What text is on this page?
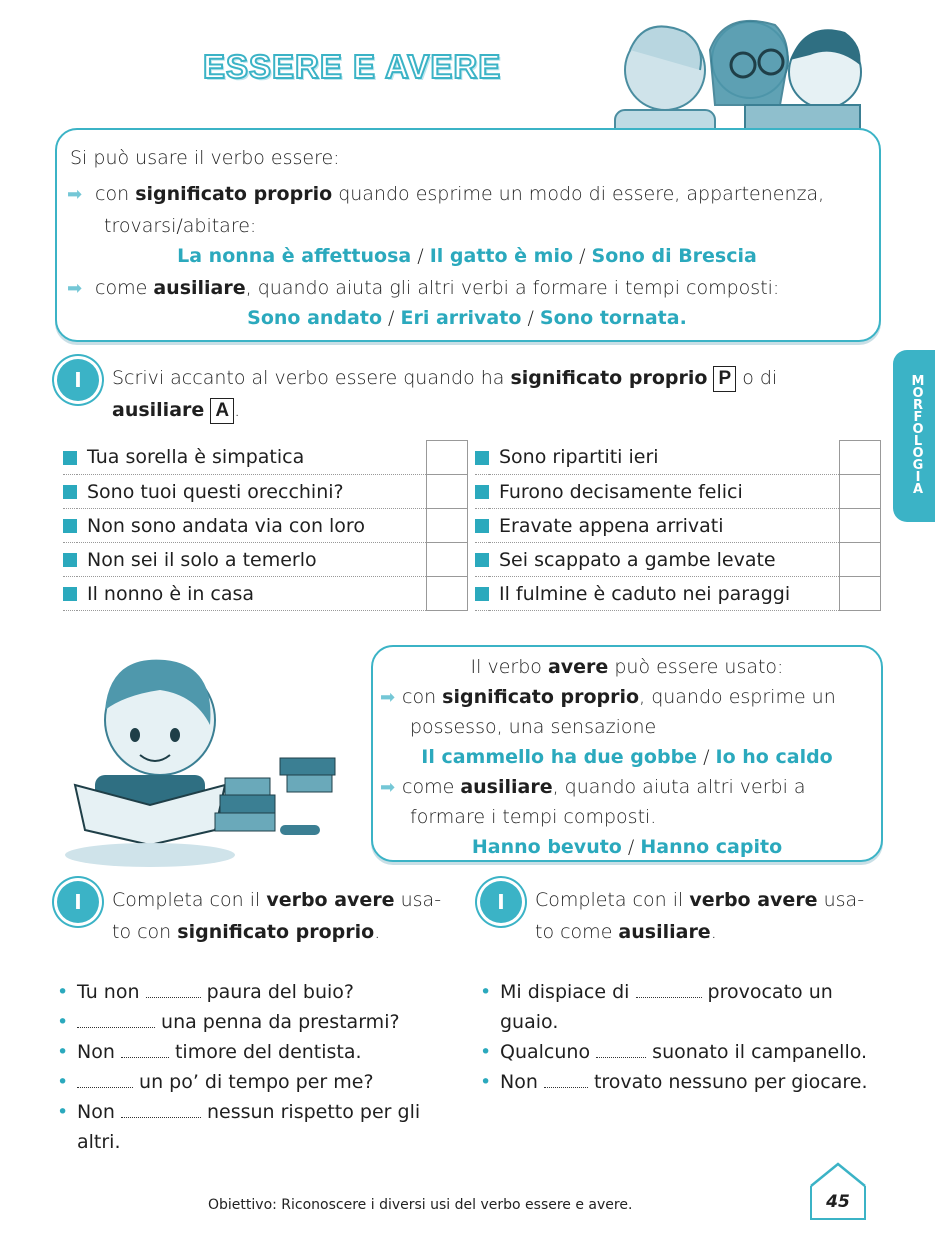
ESSERE E AVERE
Si può usare il verbo essere:
➡ con significato proprio quando esprime un modo di essere, appartenenza,
trovarsi/abitare:
La nonna è affettuosa / Il gatto è mio / Sono di Brescia
➡ come ausiliare, quando aiuta gli altri verbi a formare i tempi composti:
Sono andato / Eri arrivato / Sono tornata.
M
O
R
F
O
L
O
G
I
A
I	Scrivi accanto al verbo essere quando ha significato proprio P o di
ausiliare A .
	Tua sorella è simpatica	
	Sono tuoi questi orecchini?	
	Non sono andata via con loro	
	Non sei il solo a temerlo	
	Il nonno è in casa	
	Sono ripartiti ieri	
	Furono decisamente felici	
	Eravate appena arrivati	
	Sei scappato a gambe levate	
	Il fulmine è caduto nei paraggi	
Il verbo avere può essere usato:
➡ con significato proprio, quando esprime un
possesso, una sensazione
Il cammello ha due gobbe / Io ho caldo
➡ come ausiliare, quando aiuta altri verbi a
formare i tempi composti.
Hanno bevuto / Hanno capito
I	Completa con il verbo avere usa-
to con significato proprio.
• Tu non	paura del buio?
• una penna da prestarmi?
• Non	timore del dentista.
• un po’ di tempo per me?
• Non	nessun rispetto per gli
altri.
I	Completa con il verbo avere usa-
to come ausiliare.
• Mi dispiace di	provocato un
guaio.
• Qualcuno	suonato il campanello.
• Non  trovato nessuno per giocare.
Obiettivo: Riconoscere i diversi usi del verbo essere e avere.	45
